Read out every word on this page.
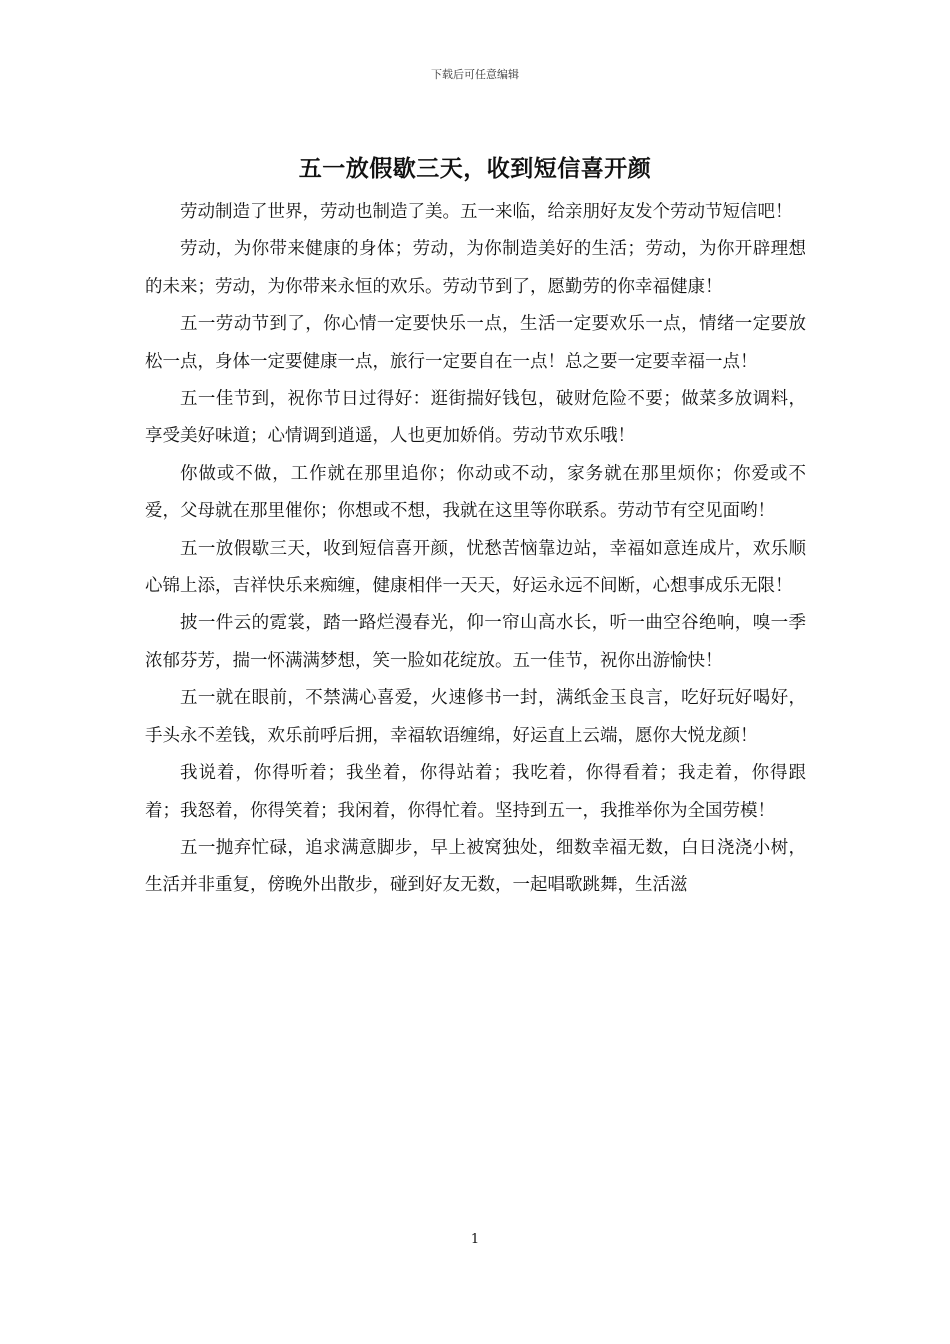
下载后可任意编辑
五一放假歇三天，收到短信喜开颜

劳动制造了世界，劳动也制造了美。五一来临，给亲朋好友发个劳动节短信吧！

劳动，为你带来健康的身体；劳动，为你制造美好的生活；劳动，为你开辟理想的未来；劳动，为你带来永恒的欢乐。劳动节到了，愿勤劳的你幸福健康！

五一劳动节到了，你心情一定要快乐一点，生活一定要欢乐一点，情绪一定要放松一点，身体一定要健康一点，旅行一定要自在一点！总之要一定要幸福一点！

五一佳节到，祝你节日过得好：逛街揣好钱包，破财危险不要；做菜多放调料，享受美好味道；心情调到逍遥，人也更加娇俏。劳动节欢乐哦！

你做或不做，工作就在那里追你；你动或不动，家务就在那里烦你；你爱或不爱，父母就在那里催你；你想或不想，我就在这里等你联系。劳动节有空见面哟！

五一放假歇三天，收到短信喜开颜，忧愁苦恼靠边站，幸福如意连成片，欢乐顺心锦上添，吉祥快乐来痴缠，健康相伴一天天，好运永远不间断，心想事成乐无限！

披一件云的霓裳，踏一路烂漫春光，仰一帘山高水长，听一曲空谷绝响，嗅一季浓郁芬芳，揣一怀满满梦想，笑一脸如花绽放。五一佳节，祝你出游愉快！

五一就在眼前，不禁满心喜爱，火速修书一封，满纸金玉良言，吃好玩好喝好，手头永不差钱，欢乐前呼后拥，幸福软语缠绵，好运直上云端，愿你大悦龙颜！

我说着，你得听着；我坐着，你得站着；我吃着，你得看着；我走着，你得跟着；我怒着，你得笑着；我闲着，你得忙着。坚持到五一，我推举你为全国劳模！

五一抛弃忙碌，追求满意脚步，早上被窝独处，细数幸福无数，白日浇浇小树，生活并非重复，傍晚外出散步，碰到好友无数，一起唱歌跳舞，生活滋

1
